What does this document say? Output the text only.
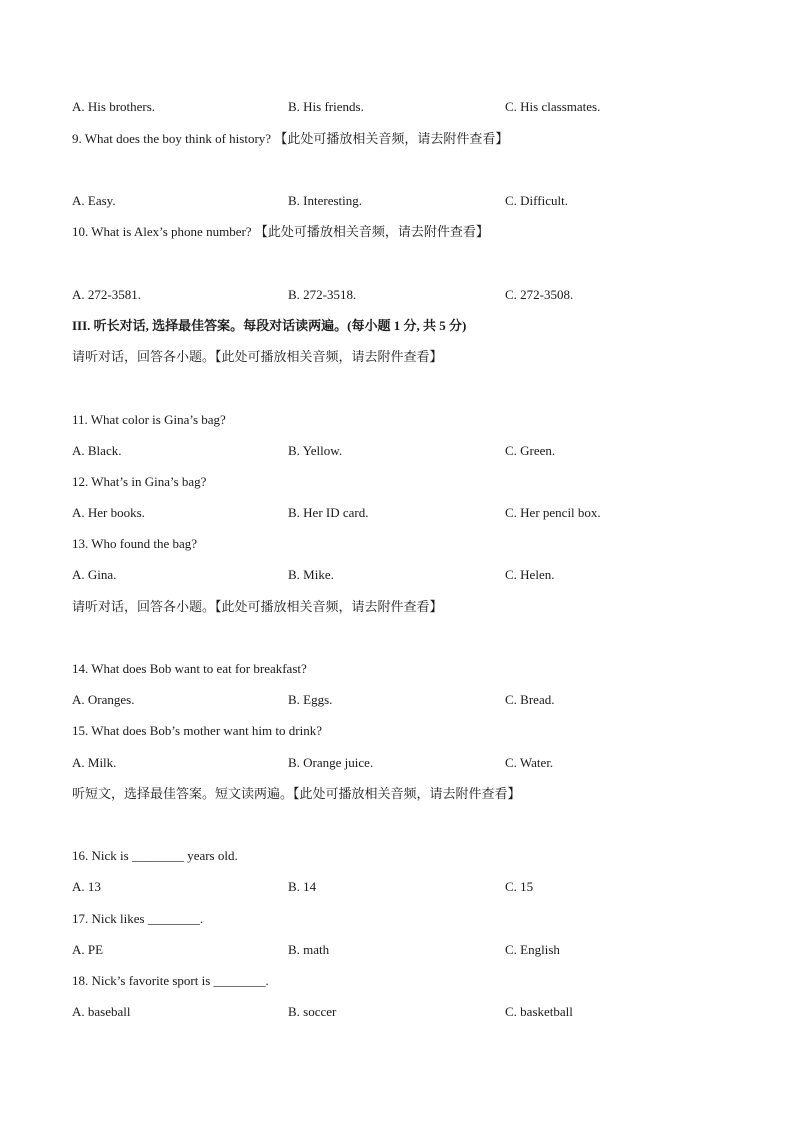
A. His brothers.	B. His friends.	C. His classmates.
9. What does the boy think of history? 【此处可播放相关音频，请去附件查看】
A. Easy.	B. Interesting.	C. Difficult.
10. What is Alex’s phone number? 【此处可播放相关音频，请去附件查看】
A. 272-3581.	B. 272-3518.	C. 272-3508.
III. 听长对话, 选择最佳答案。每段对话读两遍。(每小题 1 分, 共 5 分)
请听对话，回答各小题。【此处可播放相关音频，请去附件查看】
11. What color is Gina’s bag?
A. Black.	B. Yellow.	C. Green.
12. What’s in Gina’s bag?
A. Her books.	B. Her ID card.	C. Her pencil box.
13. Who found the bag?
A. Gina.	B. Mike.	C. Helen.
请听对话，回答各小题。【此处可播放相关音频，请去附件查看】
14. What does Bob want to eat for breakfast?
A. Oranges.	B. Eggs.	C. Bread.
15. What does Bob’s mother want him to drink?
A. Milk.	B. Orange juice.	C. Water.
听短文，选择最佳答案。短文读两遍。【此处可播放相关音频，请去附件查看】
16. Nick is ________ years old.
A. 13	B. 14	C. 15
17. Nick likes ________.
A. PE	B. math	C. English
18. Nick’s favorite sport is ________.
A. baseball	B. soccer	C. basketball
